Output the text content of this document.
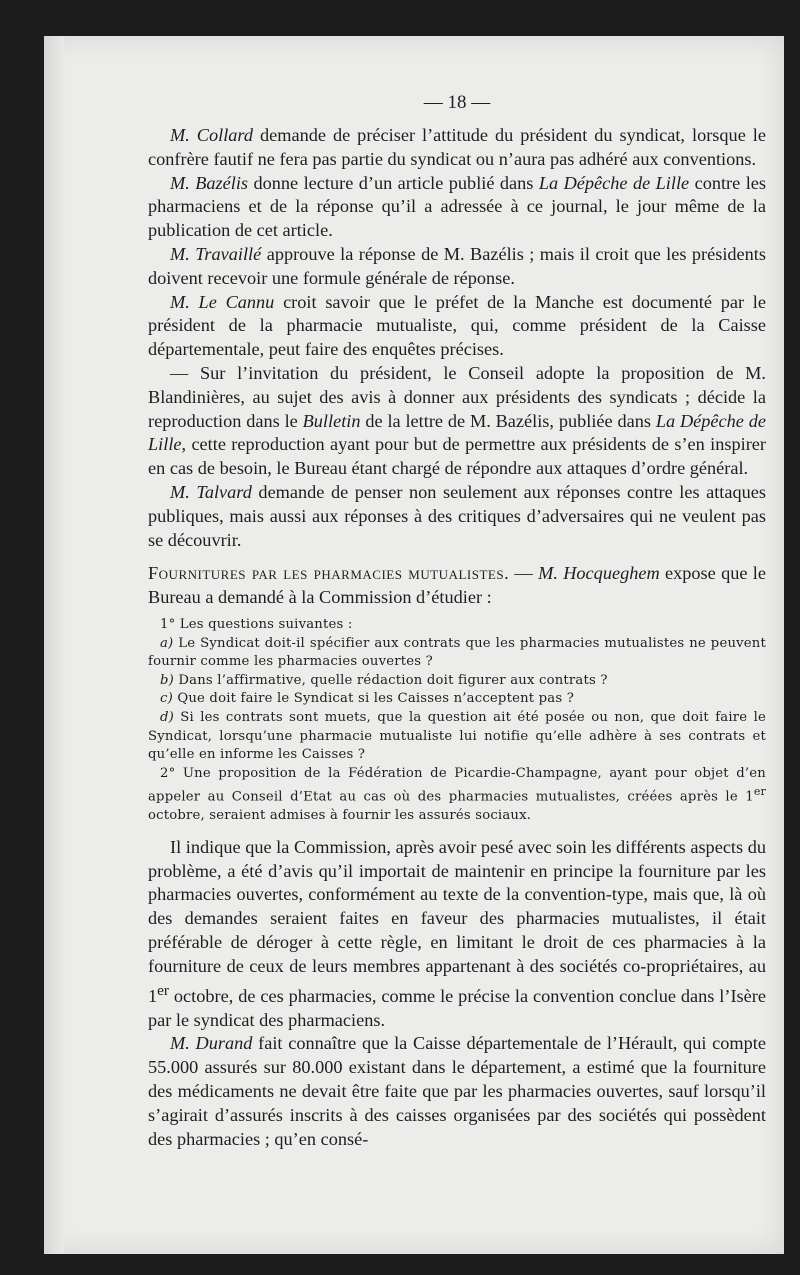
— 18 —

M. Collard demande de préciser l’attitude du président du syndicat, lorsque le confrère fautif ne fera pas partie du syndicat ou n’aura pas adhéré aux conventions.

M. Bazélis donne lecture d’un article publié dans La Dépêche de Lille contre les pharmaciens et de la réponse qu’il a adressée à ce journal, le jour même de la publication de cet article.

M. Travaillé approuve la réponse de M. Bazélis ; mais il croit que les présidents doivent recevoir une formule générale de réponse.

M. Le Cannu croit savoir que le préfet de la Manche est documenté par le président de la pharmacie mutualiste, qui, comme président de la Caisse départementale, peut faire des enquêtes précises.

— Sur l’invitation du président, le Conseil adopte la proposition de M. Blandinières, au sujet des avis à donner aux présidents des syndicats ; décide la reproduction dans le Bulletin de la lettre de M. Bazélis, publiée dans La Dépêche de Lille, cette reproduction ayant pour but de permettre aux présidents de s’en inspirer en cas de besoin, le Bureau étant chargé de répondre aux attaques d’ordre général.

M. Talvard demande de penser non seulement aux réponses contre les attaques publiques, mais aussi aux réponses à des critiques d’adversaires qui ne veulent pas se découvrir.

Fournitures par les pharmacies mutualistes. — M. Hocqueghem expose que le Bureau a demandé à la Commission d’étudier :

1° Les questions suivantes :

a) Le Syndicat doit-il spécifier aux contrats que les pharmacies mutualistes ne peuvent fournir comme les pharmacies ouvertes ?

b) Dans l’affirmative, quelle rédaction doit figurer aux contrats ?

c) Que doit faire le Syndicat si les Caisses n’acceptent pas ?

d) Si les contrats sont muets, que la question ait été posée ou non, que doit faire le Syndicat, lorsqu’une pharmacie mutualiste lui notifie qu’elle adhère à ses contrats et qu’elle en informe les Caisses ?

2° Une proposition de la Fédération de Picardie-Champagne, ayant pour objet d’en appeler au Conseil d’Etat au cas où des pharmacies mutualistes, créées après le 1er octobre, seraient admises à fournir les assurés sociaux.

Il indique que la Commission, après avoir pesé avec soin les différents aspects du problème, a été d’avis qu’il importait de maintenir en principe la fourniture par les pharmacies ouvertes, conformément au texte de la convention-type, mais que, là où des demandes seraient faites en faveur des pharmacies mutualistes, il était préférable de déroger à cette règle, en limitant le droit de ces pharmacies à la fourniture de ceux de leurs membres appartenant à des sociétés co-propriétaires, au 1er octobre, de ces pharmacies, comme le précise la convention conclue dans l’Isère par le syndicat des pharmaciens.

M. Durand fait connaître que la Caisse départementale de l’Hérault, qui compte 55.000 assurés sur 80.000 existant dans le département, a estimé que la fourniture des médicaments ne devait être faite que par les pharmacies ouvertes, sauf lorsqu’il s’agirait d’assurés inscrits à des caisses organisées par des sociétés qui possèdent des pharmacies ; qu’en consé-
